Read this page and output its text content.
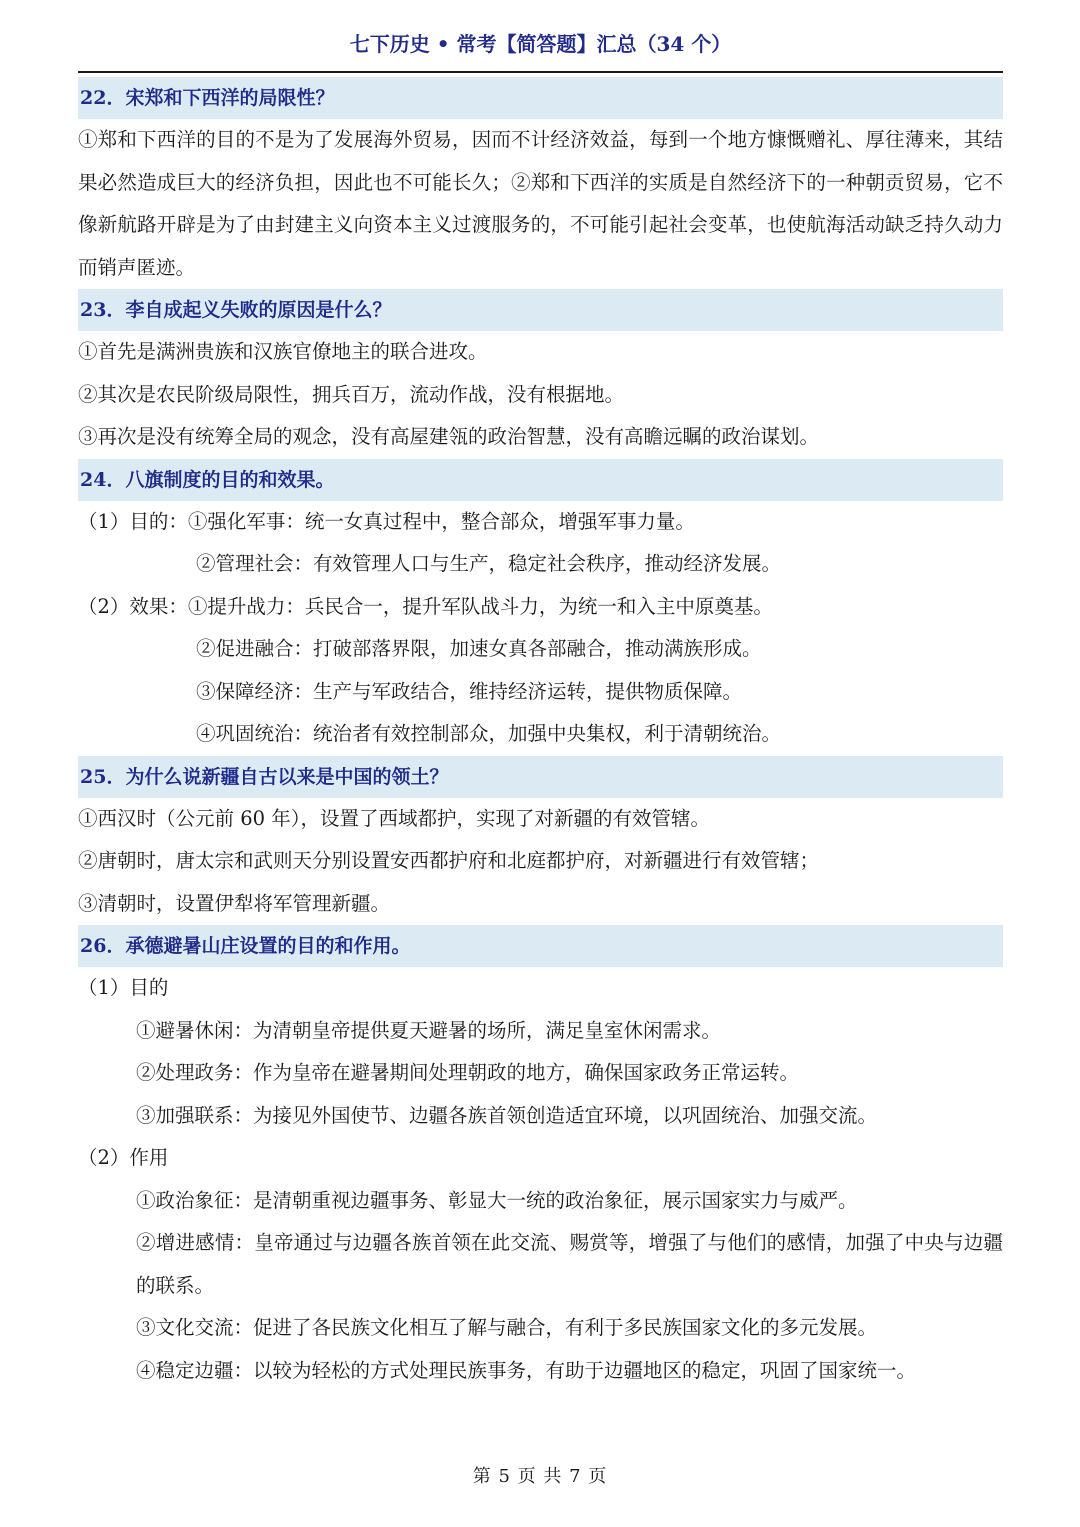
七下历史 • 常考【简答题】汇总（34 个）
22．宋郑和下西洋的局限性？
①郑和下西洋的目的不是为了发展海外贸易，因而不计经济效益，每到一个地方慷慨赠礼、厚往薄来，其结果必然造成巨大的经济负担，因此也不可能长久；②郑和下西洋的实质是自然经济下的一种朝贡贸易，它不像新航路开辟是为了由封建主义向资本主义过渡服务的，不可能引起社会变革，也使航海活动缺乏持久动力而销声匿迹。
23．李自成起义失败的原因是什么？
①首先是满洲贵族和汉族官僚地主的联合进攻。
②其次是农民阶级局限性，拥兵百万，流动作战，没有根据地。
③再次是没有统筹全局的观念，没有高屋建瓴的政治智慧，没有高瞻远瞩的政治谋划。
24．八旗制度的目的和效果。
（1）目的：①强化军事：统一女真过程中，整合部众，增强军事力量。
②管理社会：有效管理人口与生产，稳定社会秩序，推动经济发展。
（2）效果：①提升战力：兵民合一，提升军队战斗力，为统一和入主中原奠基。
②促进融合：打破部落界限，加速女真各部融合，推动满族形成。
③保障经济：生产与军政结合，维持经济运转，提供物质保障。
④巩固统治：统治者有效控制部众，加强中央集权，利于清朝统治。
25．为什么说新疆自古以来是中国的领土？
①西汉时（公元前 60 年），设置了西域都护，实现了对新疆的有效管辖。
②唐朝时，唐太宗和武则天分别设置安西都护府和北庭都护府，对新疆进行有效管辖；
③清朝时，设置伊犁将军管理新疆。
26．承德避暑山庄设置的目的和作用。
（1）目的
①避暑休闲：为清朝皇帝提供夏天避暑的场所，满足皇室休闲需求。
②处理政务：作为皇帝在避暑期间处理朝政的地方，确保国家政务正常运转。
③加强联系：为接见外国使节、边疆各族首领创造适宜环境，以巩固统治、加强交流。
（2）作用
①政治象征：是清朝重视边疆事务、彰显大一统的政治象征，展示国家实力与威严。
②增进感情：皇帝通过与边疆各族首领在此交流、赐赏等，增强了与他们的感情，加强了中央与边疆的联系。
③文化交流：促进了各民族文化相互了解与融合，有利于多民族国家文化的多元发展。
④稳定边疆：以较为轻松的方式处理民族事务，有助于边疆地区的稳定，巩固了国家统一。
第 5 页 共 7 页
